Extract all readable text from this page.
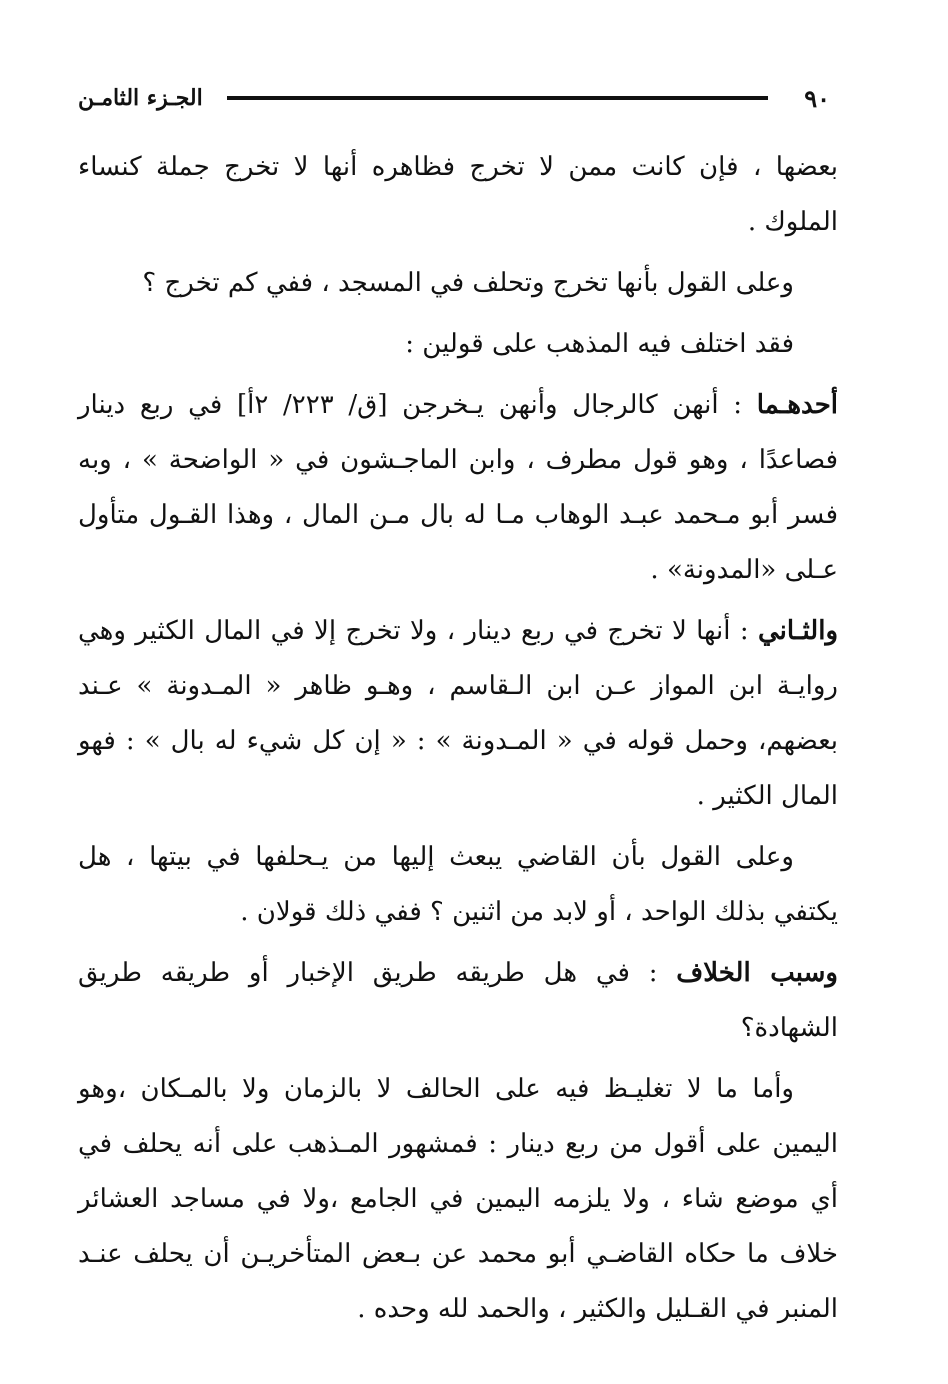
٩٠
الجـزء الثامـن

بعضها ، فإن كانت ممن لا تخرج فظاهره أنها لا تخرج جملة كنساء الملوك .

وعلى القول بأنها تخرج وتحلف في المسجد ، ففي كم تخرج ؟

فقد اختلف فيه المذهب على قولين :

أحدهـما : أنهن كالرجال وأنهن يـخرجن [ق/ ٢٢٣/ ٢أ] في ربع دينار فصاعدًا ، وهو قول مطرف ، وابن الماجـشون في « الواضحة » ، وبه فسر أبو مـحمد عبـد الوهاب مـا له بال مـن المال ، وهذا القـول متأول عـلى «المدونة» .

والثـاني : أنها لا تخرج في ربع دينار ، ولا تخرج إلا في المال الكثير وهي روايـة ابن المواز عـن ابن الـقاسم ، وهـو ظاهر « المـدونة » عـند بعضهم، وحمل قوله في « المـدونة » : « إن كل شيء له بال » : فهو المال الكثير .

وعلى القول بأن القاضي يبعث إليها من يـحلفها في بيتها ، هل يكتفي بذلك الواحد ، أو لابد من اثنين ؟ ففي ذلك قولان .

وسبب الخلاف : في هل طريقه طريق الإخبار أو طريقه طريق الشهادة؟

وأما ما لا تغليـظ فيه على الحالف لا بالزمان ولا بالمـكان ،وهو اليمين على أقول من ربع دينار : فمشهور المـذهب على أنه يحلف في أي موضع شاء ، ولا يلزمه اليمين في الجامع ،ولا في مساجد العشائر خلاف ما حكاه القاضـي أبو محمد عن بـعض المتأخريـن أن يحلف عنـد المنبر في القـليل والكثير ، والحمد لله وحده .
